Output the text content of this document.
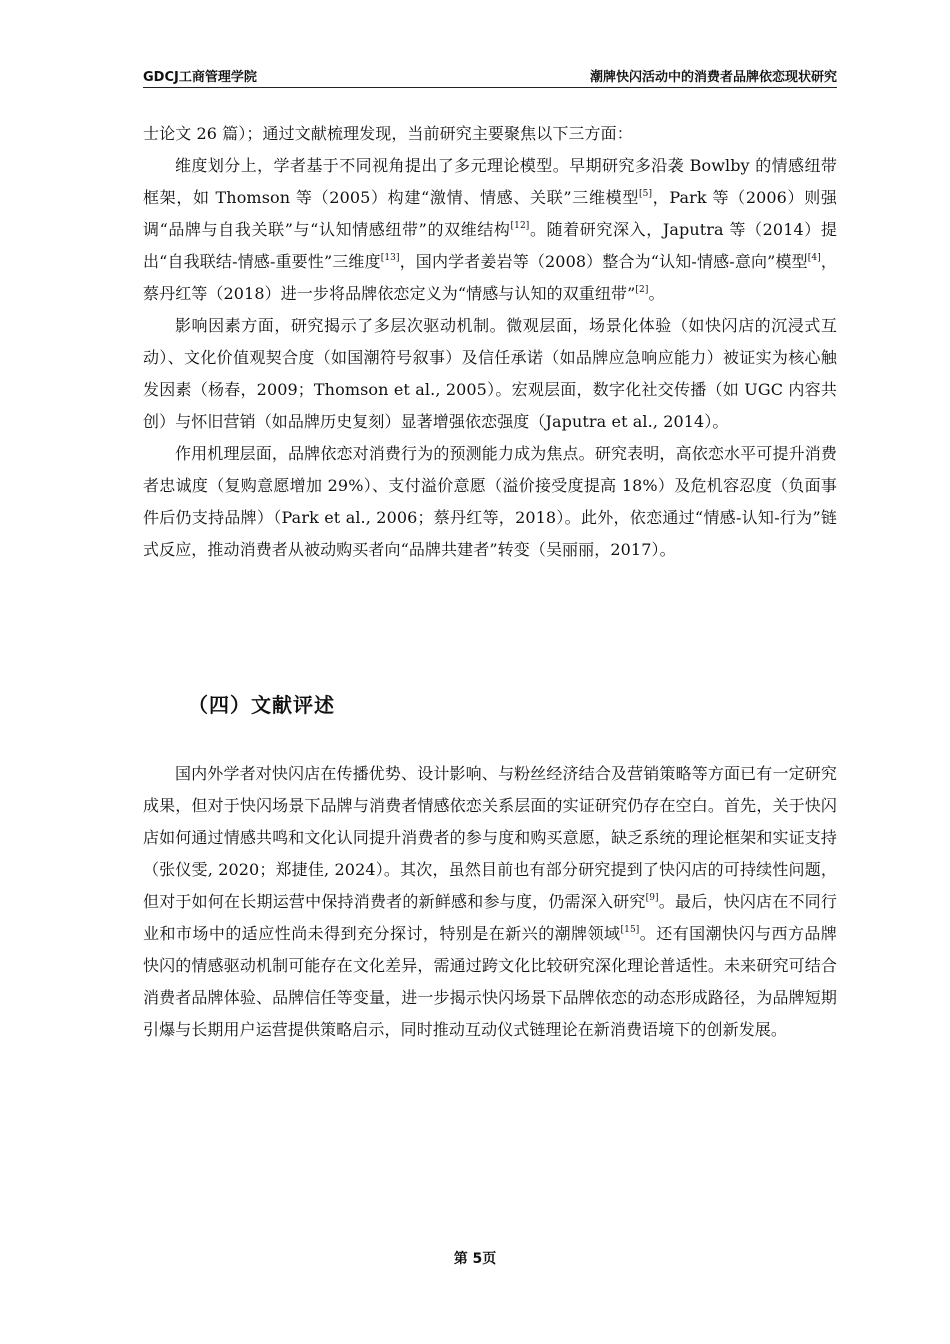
GDCJ工商管理学院	潮牌快闪活动中的消费者品牌依恋现状研究

士论文 26 篇）；通过文献梳理发现，当前研究主要聚焦以下三方面：

维度划分上，学者基于不同视角提出了多元理论模型。早期研究多沿袭 Bowlby 的情感纽带框架，如 Thomson 等（2005）构建“激情、情感、关联”三维模型[5]，Park 等（2006）则强调“品牌与自我关联”与“认知情感纽带”的双维结构[12]。随着研究深入，Japutra 等（2014）提出“自我联结-情感-重要性”三维度[13]，国内学者姜岩等（2008）整合为“认知-情感-意向”模型[4]，蔡丹红等（2018）进一步将品牌依恋定义为“情感与认知的双重纽带”[2]。

影响因素方面，研究揭示了多层次驱动机制。微观层面，场景化体验（如快闪店的沉浸式互动）、文化价值观契合度（如国潮符号叙事）及信任承诺（如品牌应急响应能力）被证实为核心触发因素（杨春，2009；Thomson et al., 2005）。宏观层面，数字化社交传播（如 UGC 内容共创）与怀旧营销（如品牌历史复刻）显著增强依恋强度（Japutra et al., 2014）。

作用机理层面，品牌依恋对消费行为的预测能力成为焦点。研究表明，高依恋水平可提升消费者忠诚度（复购意愿增加 29%）、支付溢价意愿（溢价接受度提高 18%）及危机容忍度（负面事件后仍支持品牌）（Park et al., 2006；蔡丹红等，2018）。此外，依恋通过“情感-认知-行为”链式反应，推动消费者从被动购买者向“品牌共建者”转变（吴丽丽，2017）。

（四）文献评述

国内外学者对快闪店在传播优势、设计影响、与粉丝经济结合及营销策略等方面已有一定研究成果，但对于快闪场景下品牌与消费者情感依恋关系层面的实证研究仍存在空白。首先，关于快闪店如何通过情感共鸣和文化认同提升消费者的参与度和购买意愿，缺乏系统的理论框架和实证支持（张仪雯, 2020；郑捷佳, 2024）。其次，虽然目前也有部分研究提到了快闪店的可持续性问题，但对于如何在长期运营中保持消费者的新鲜感和参与度，仍需深入研究[9]。最后，快闪店在不同行业和市场中的适应性尚未得到充分探讨，特别是在新兴的潮牌领域[15]。还有国潮快闪与西方品牌快闪的情感驱动机制可能存在文化差异，需通过跨文化比较研究深化理论普适性。未来研究可结合消费者品牌体验、品牌信任等变量，进一步揭示快闪场景下品牌依恋的动态形成路径，为品牌短期引爆与长期用户运营提供策略启示，同时推动互动仪式链理论在新消费语境下的创新发展。

第 5页
